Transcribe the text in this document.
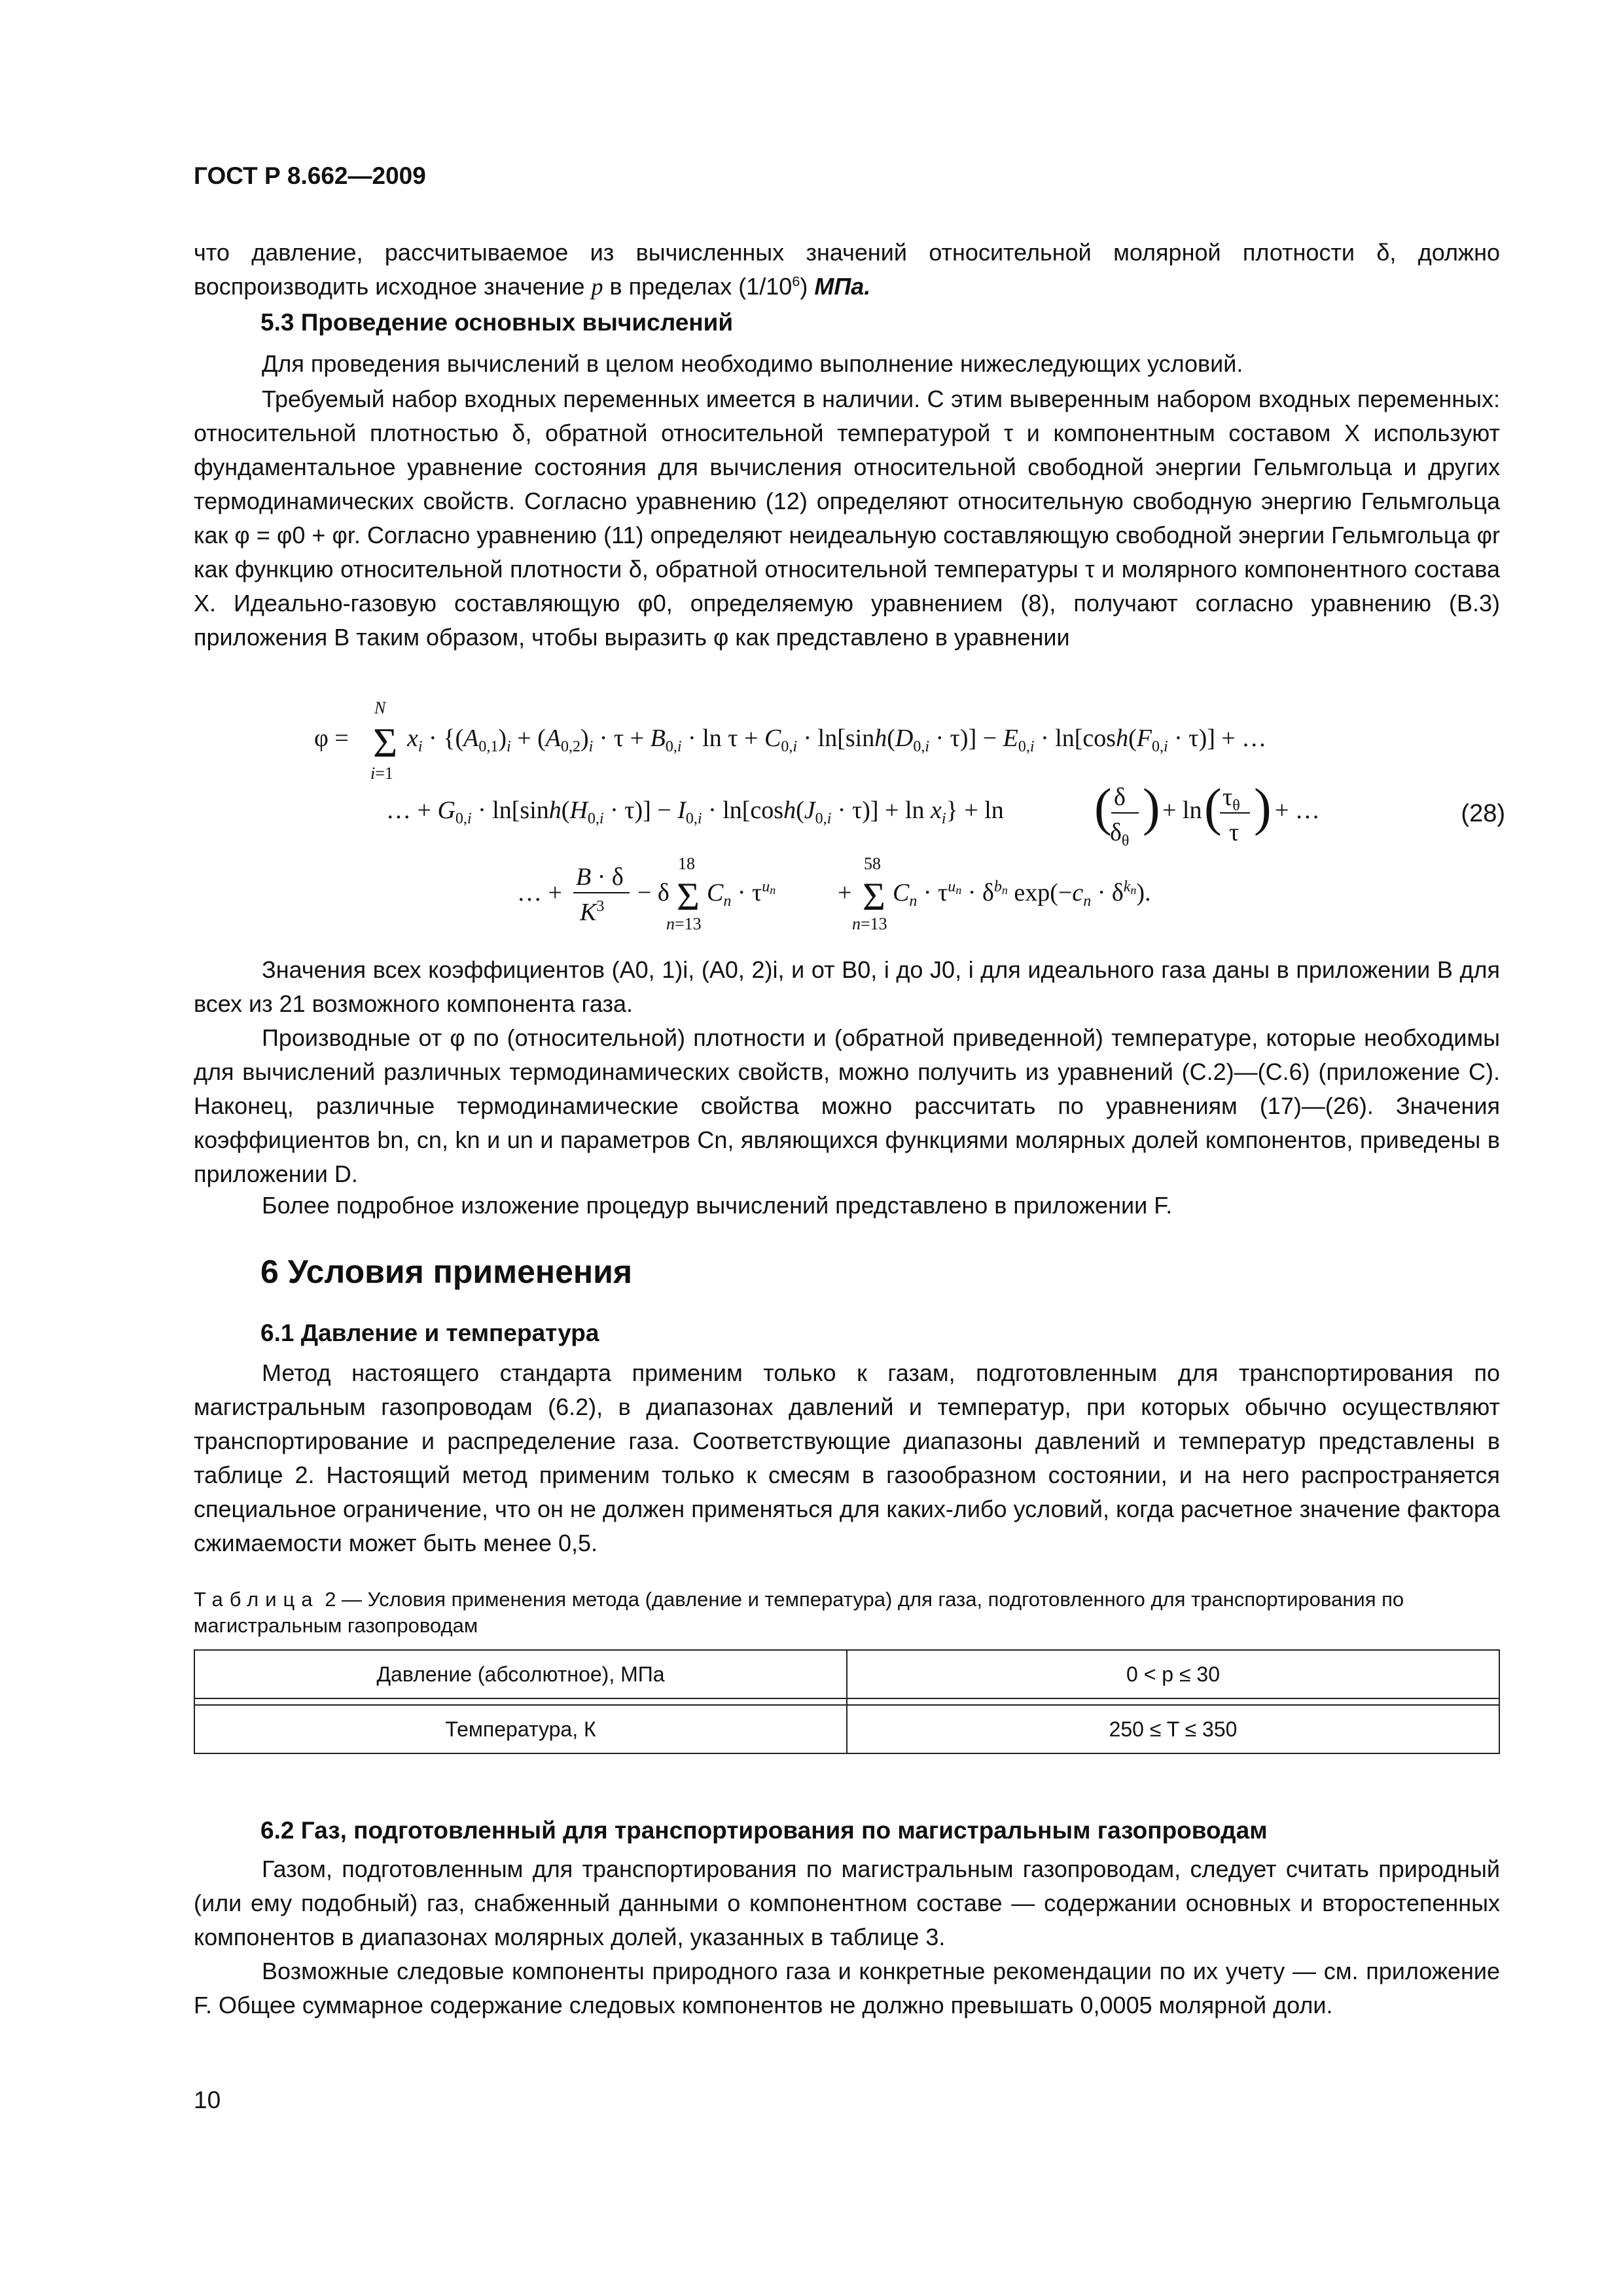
ГОСТ Р 8.662—2009

что давление, рассчитываемое из вычисленных значений относительной молярной плотности δ, должно воспроизводить исходное значение p в пределах $(1/10^6)$ МПа.

5.3 Проведение основных вычислений

Для проведения вычислений в целом необходимо выполнение нижеследующих условий.

Требуемый набор входных переменных имеется в наличии. С этим выверенным набором входных переменных: относительной плотностью δ, обратной относительной температурой τ и компонентным составом X используют фундаментальное уравнение состояния для вычисления относительной свободной энергии Гельмгольца и других термодинамических свойств. Согласно уравнению (12) определяют относительную свободную энергию Гельмгольца как φ = φ0 + φr. Согласно уравнению (11) определяют неидеальную составляющую свободной энергии Гельмгольца φr как функцию относительной плотности δ, обратной относительной температуры τ и молярного компонентного состава X. Идеально-газовую составляющую φ0, определяемую уравнением (8), получают согласно уравнению (В.3) приложения В таким образом, чтобы выразить φ как представлено в уравнении

φ = Σ
N
i=1
$x_i \cdot \{(A_{0,1})_i + (A_{0,2})_i \cdot \tau + B_{0,i} \cdot \ln \tau + C_{0,i} \cdot \ln[\sinh(D_{0,i} \cdot \tau)] - E_{0,i} \cdot \ln[\cosh(F_{0,i} \cdot \tau)]$ + …
… + $G_{0,i} \cdot \ln[\sinh(H_{0,i} \cdot \tau)] - I_{0,i} \cdot \ln[\cosh(J_{0,i} \cdot \tau)] + \ln x_i\} + \ln$ ( δ
$\delta_\theta$
) + ln ( $\tau_\theta$
τ ) + …
… +
B · δ
$K^3 - \delta$ Σ
18
n=13
$C_n \cdot \tau^un + \Sigma$
58
n=13
$C_n \cdot \tau^un \cdot \delta^bn$ $\exp(-c_n \cdot \delta^kn)$.
(28)

Значения всех коэффициентов (A0, 1)i, (A0, 2)i, и от B0, i до J0, i для идеального газа даны в приложении В для всех из 21 возможного компонента газа.

Производные от φ по (относительной) плотности и (обратной приведенной) температуре, которые необходимы для вычислений различных термодинамических свойств, можно получить из уравнений (С.2)—(С.6) (приложение С). Наконец, различные термодинамические свойства можно рассчитать по уравнениям (17)—(26). Значения коэффициентов bn, cn, kn и un и параметров Cn, являющихся функциями молярных долей компонентов, приведены в приложении D.

Более подробное изложение процедур вычислений представлено в приложении F.

6 Условия применения
6.1 Давление и температура

Метод настоящего стандарта применим только к газам, подготовленным для транспортирования по магистральным газопроводам (6.2), в диапазонах давлений и температур, при которых обычно осуществляют транспортирование и распределение газа. Соответствующие диапазоны давлений и температур представлены в таблице 2. Настоящий метод применим только к смесям в газообразном состоянии, и на него распространяется специальное ограничение, что он не должен применяться для каких-либо условий, когда расчетное значение фактора сжимаемости может быть менее 0,5.

Таблица 2 — Условия применения метода (давление и температура) для газа, подготовленного для транспортирования по магистральным газопроводам
Давление (абсолютное), МПа	0 < p ≤ 30

Температура, К	250 ≤ T ≤ 350
6.2 Газ, подготовленный для транспортирования по магистральным газопроводам

Газом, подготовленным для транспортирования по магистральным газопроводам, следует считать природный (или ему подобный) газ, снабженный данными о компонентном составе — содержании основных и второстепенных компонентов в диапазонах молярных долей, указанных в таблице 3.

Возможные следовые компоненты природного газа и конкретные рекомендации по их учету — см. приложение F. Общее суммарное содержание следовых компонентов не должно превышать 0,0005 молярной доли.

10
